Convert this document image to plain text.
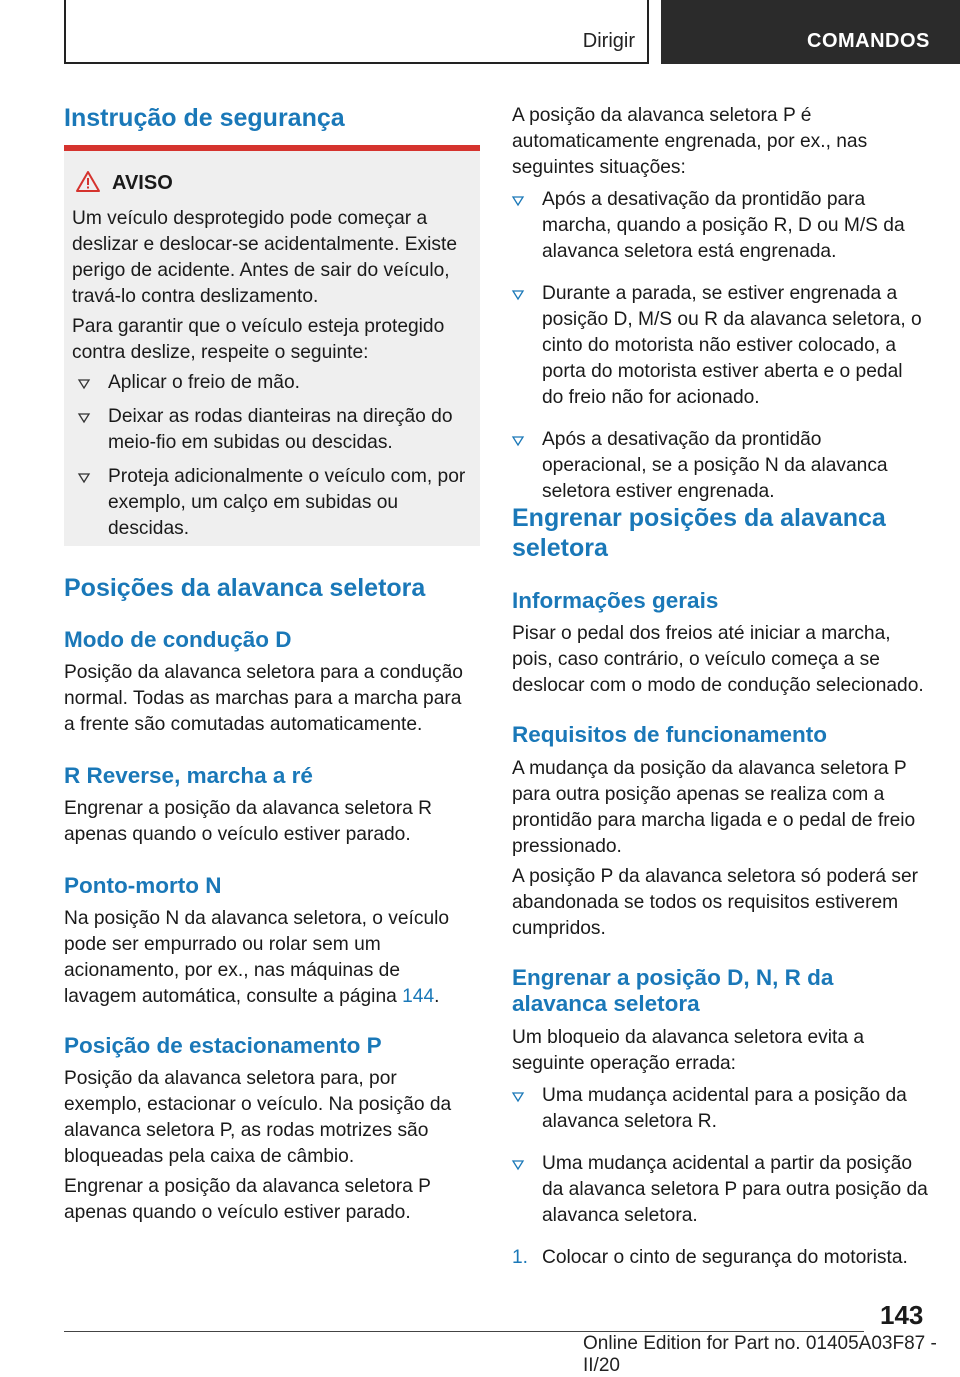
Dirigir	COMANDOS
Instrução de segurança
AVISO

Um veículo desprotegido pode começar a deslizar e deslocar-se acidentalmente. Existe perigo de acidente. Antes de sair do veículo, travá-lo contra deslizamento.

Para garantir que o veículo esteja protegido contra deslize, respeite o seguinte:

Aplicar o freio de mão.
Deixar as rodas dianteiras na direção do meio-fio em subidas ou descidas.
Proteja adicionalmente o veículo com, por exemplo, um calço em subidas ou descidas.
Posições da alavanca seletora
Modo de condução D

Posição da alavanca seletora para a condução normal. Todas as marchas para a marcha para a frente são comutadas automaticamente.

R Reverse, marcha a ré

Engrenar a posição da alavanca seletora R apenas quando o veículo estiver parado.

Ponto-morto N

Na posição N da alavanca seletora, o veículo pode ser empurrado ou rolar sem um acionamento, por ex., nas máquinas de lavagem automática, consulte a página 144.

Posição de estacionamento P

Posição da alavanca seletora para, por exemplo, estacionar o veículo. Na posição da alavanca seletora P, as rodas motrizes são bloqueadas pela caixa de câmbio.

Engrenar a posição da alavanca seletora P apenas quando o veículo estiver parado.

A posição da alavanca seletora P é automaticamente engrenada, por ex., nas seguintes situações:

Após a desativação da prontidão para marcha, quando a posição R, D ou M/S da alavanca seletora está engrenada.
Durante a parada, se estiver engrenada a posição D, M/S ou R da alavanca seletora, o cinto do motorista não estiver colocado, a porta do motorista estiver aberta e o pedal do freio não for acionado.
Após a desativação da prontidão operacional, se a posição N da alavanca seletora estiver engrenada.
Engrenar posições da alavanca seletora
Informações gerais

Pisar o pedal dos freios até iniciar a marcha, pois, caso contrário, o veículo começa a se deslocar com o modo de condução selecionado.

Requisitos de funcionamento

A mudança da posição da alavanca seletora P para outra posição apenas se realiza com a prontidão para marcha ligada e o pedal de freio pressionado.

A posição P da alavanca seletora só poderá ser abandonada se todos os requisitos estiverem cumpridos.

Engrenar a posição D, N, R da alavanca seletora

Um bloqueio da alavanca seletora evita a seguinte operação errada:

Uma mudança acidental para a posição da alavanca seletora R.
Uma mudança acidental a partir da posição da alavanca seletora P para outra posição da alavanca seletora.
1. Colocar o cinto de segurança do motorista.
143
Online Edition for Part no. 01405A03F87 - II/20
